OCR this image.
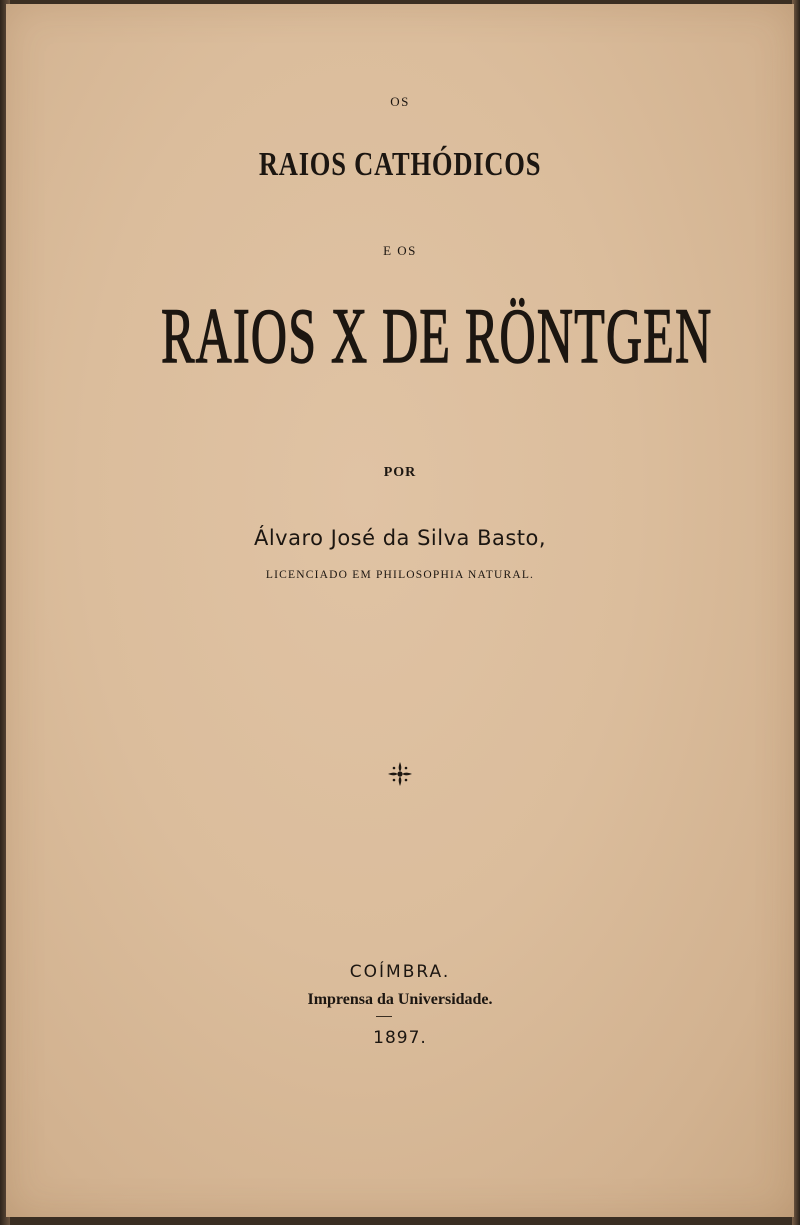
OS
RAIOS CATHÓDICOS
E OS
RAIOS X DE RÖNTGEN
POR
Álvaro José da Silva Basto,
LICENCIADO EM PHILOSOPHIA NATURAL.
COÍMBRA.
Imprensa da Universidade.
1897.
